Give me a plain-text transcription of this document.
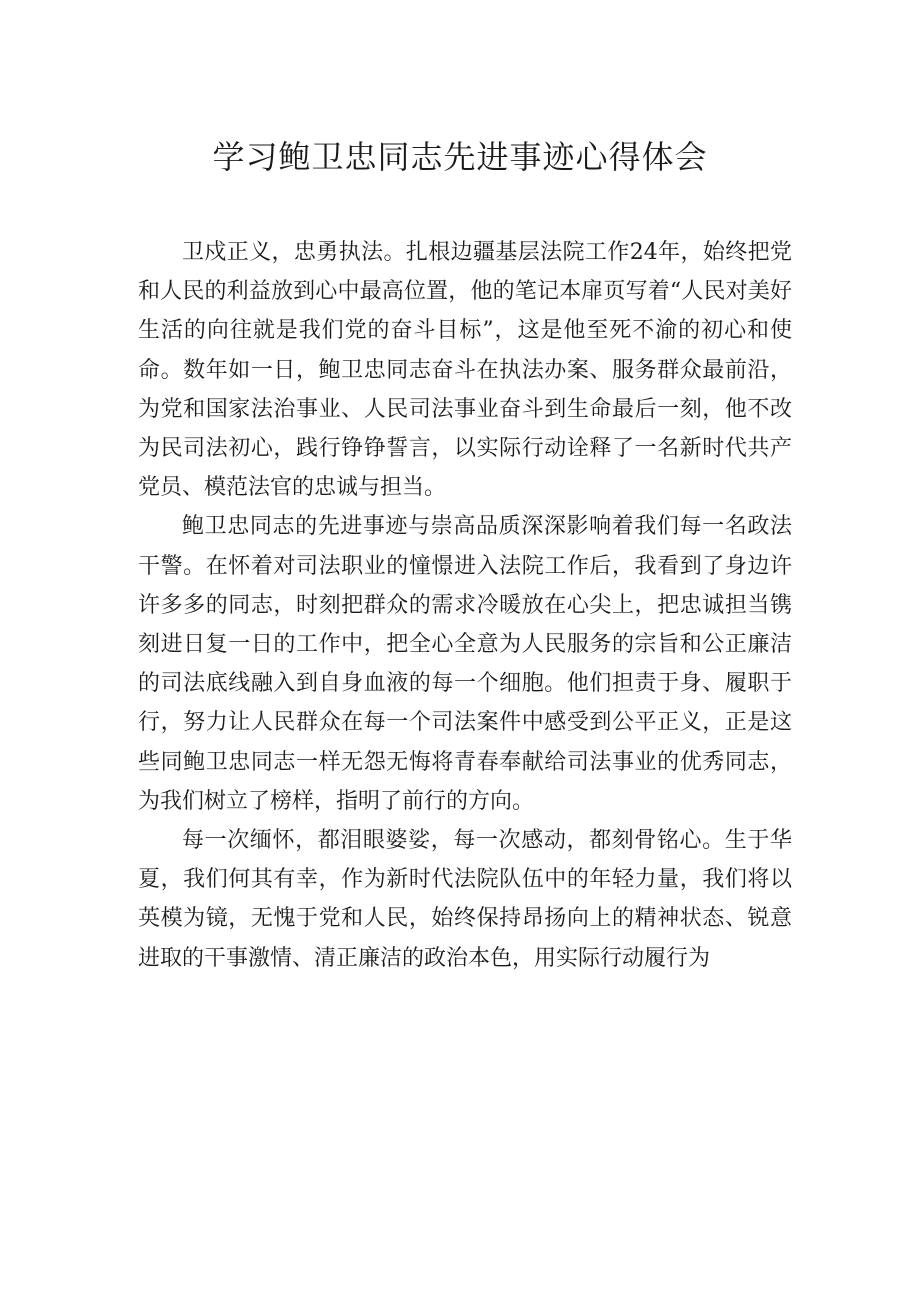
学习鲍卫忠同志先进事迹心得体会

卫戍正义，忠勇执法。扎根边疆基层法院工作24年，始终把党和人民的利益放到心中最高位置，他的笔记本扉页写着“人民对美好生活的向往就是我们党的奋斗目标”，这是他至死不渝的初心和使命。数年如一日，鲍卫忠同志奋斗在执法办案、服务群众最前沿，为党和国家法治事业、人民司法事业奋斗到生命最后一刻，他不改为民司法初心，践行铮铮誓言，以实际行动诠释了一名新时代共产党员、模范法官的忠诚与担当。

鲍卫忠同志的先进事迹与崇高品质深深影响着我们每一名政法干警。在怀着对司法职业的憧憬进入法院工作后，我看到了身边许许多多的同志，时刻把群众的需求冷暖放在心尖上，把忠诚担当镌刻进日复一日的工作中，把全心全意为人民服务的宗旨和公正廉洁的司法底线融入到自身血液的每一个细胞。他们担责于身、履职于行，努力让人民群众在每一个司法案件中感受到公平正义，正是这些同鲍卫忠同志一样无怨无悔将青春奉献给司法事业的优秀同志，为我们树立了榜样，指明了前行的方向。

每一次缅怀，都泪眼婆娑，每一次感动，都刻骨铭心。生于华夏，我们何其有幸，作为新时代法院队伍中的年轻力量，我们将以英模为镜，无愧于党和人民，始终保持昂扬向上的精神状态、锐意进取的干事激情、清正廉洁的政治本色，用实际行动履行为
